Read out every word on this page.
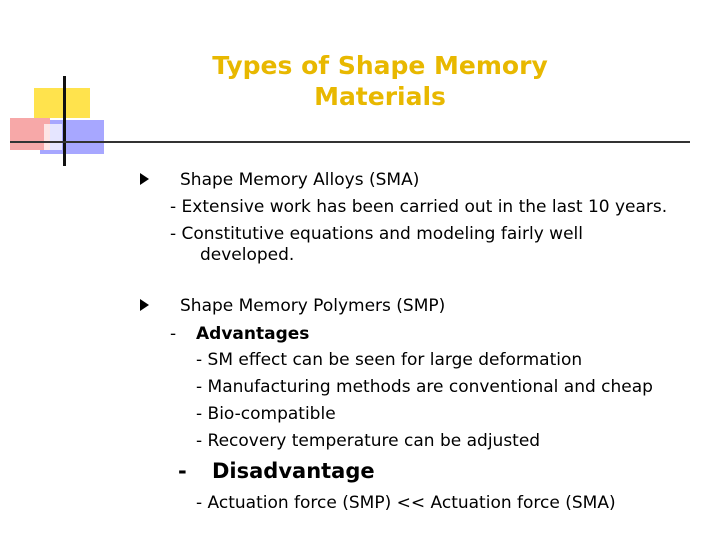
Types of Shape Memory
Materials
Shape Memory Alloys (SMA)
- Extensive work has been carried out in the last 10 years.
- Constitutive equations and modeling fairly well
developed.
Shape Memory Polymers (SMP)
- Advantages
- SM effect can be seen for large deformation
- Manufacturing methods are conventional and cheap
- Bio-compatible
- Recovery temperature can be adjusted
- Disadvantage
- Actuation force (SMP) << Actuation force (SMA)
